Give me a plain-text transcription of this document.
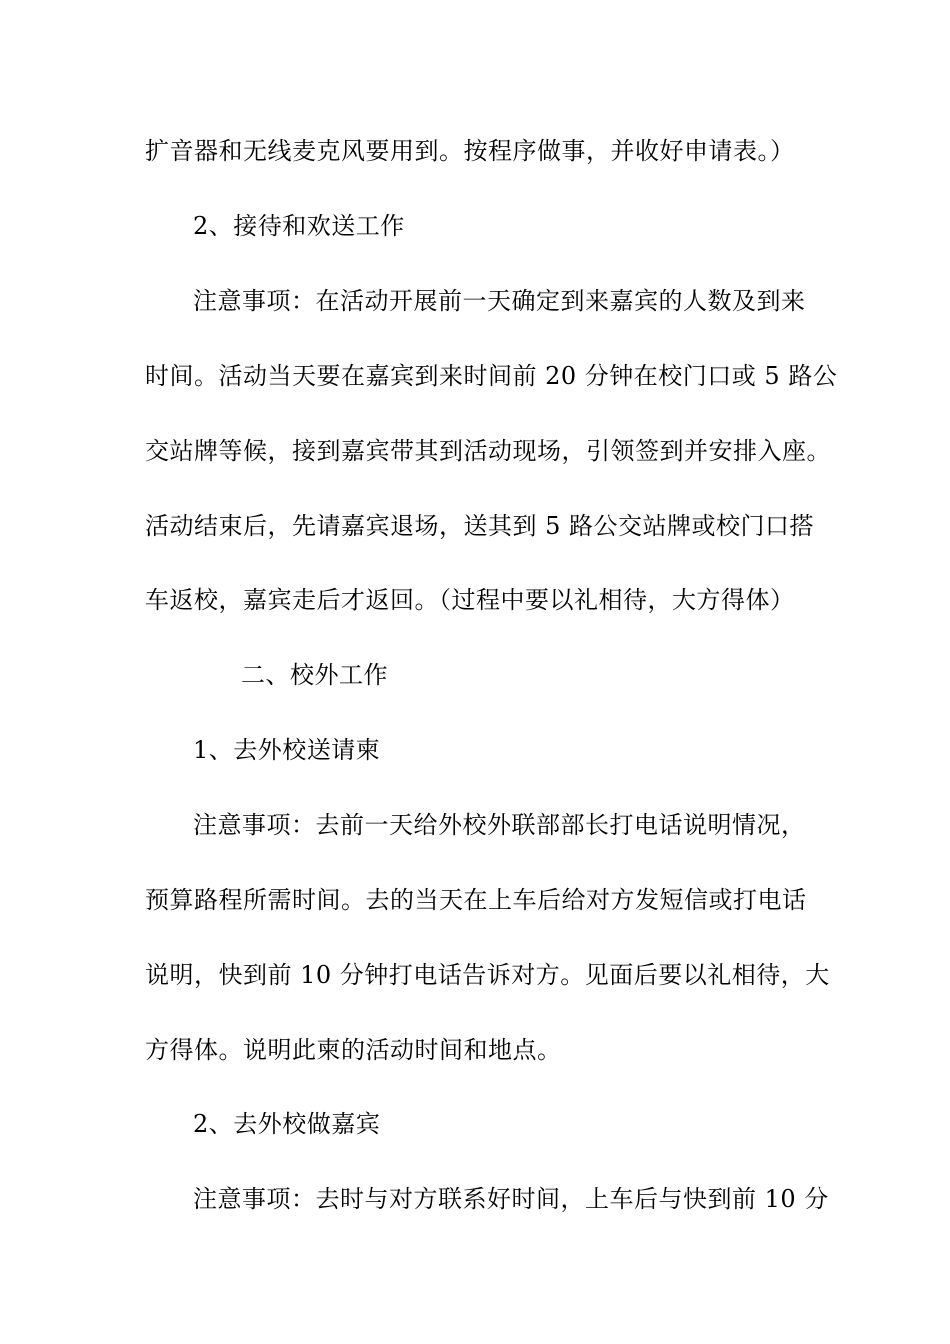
扩音器和无线麦克风要用到。按程序做事，并收好申请表。）
2、接待和欢送工作
注意事项：在活动开展前一天确定到来嘉宾的人数及到来
时间。活动当天要在嘉宾到来时间前 20 分钟在校门口或 5 路公
交站牌等候，接到嘉宾带其到活动现场，引领签到并安排入座。
活动结束后，先请嘉宾退场，送其到 5 路公交站牌或校门口搭
车返校，嘉宾走后才返回。（过程中要以礼相待，大方得体）
二、校外工作
1、去外校送请柬
注意事项：去前一天给外校外联部部长打电话说明情况，
预算路程所需时间。去的当天在上车后给对方发短信或打电话
说明，快到前 10 分钟打电话告诉对方。见面后要以礼相待，大
方得体。说明此柬的活动时间和地点。
2、去外校做嘉宾
注意事项：去时与对方联系好时间，上车后与快到前 10 分
